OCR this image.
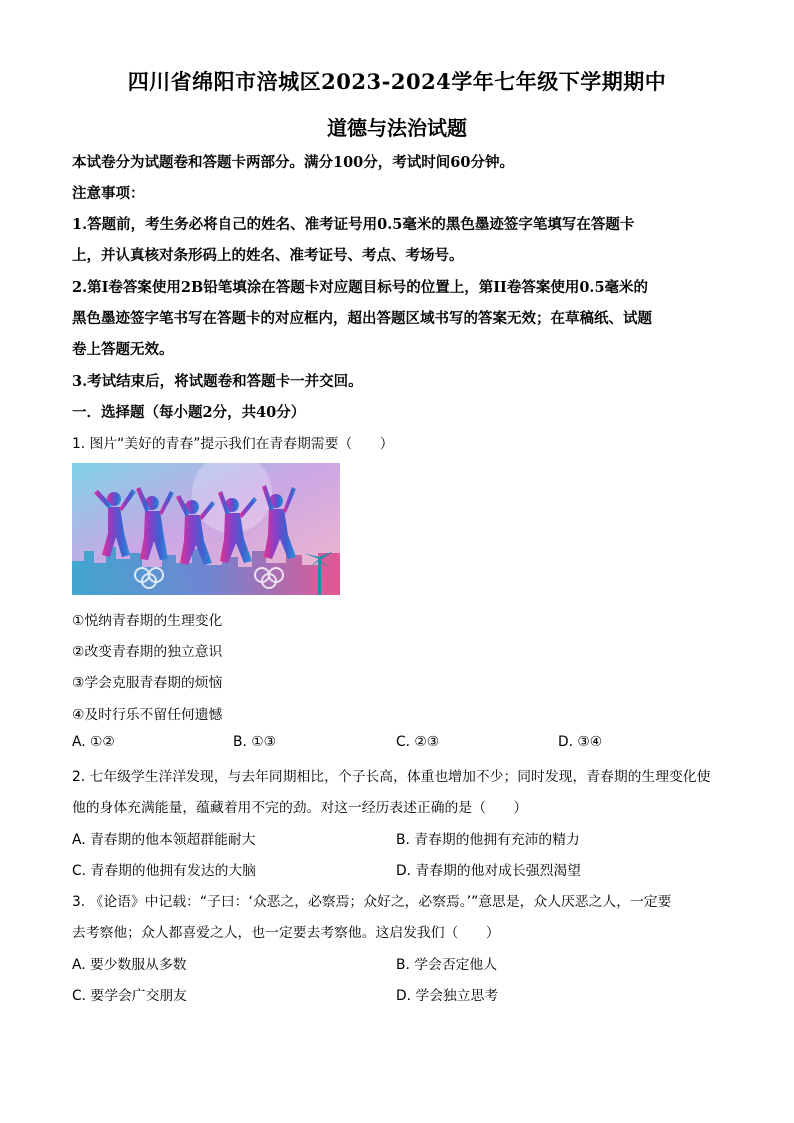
四川省绵阳市涪城区2023-2024学年七年级下学期期中
道德与法治试题
本试卷分为试题卷和答题卡两部分。满分100分，考试时间60分钟。
注意事项：
1.答题前，考生务必将自己的姓名、准考证号用0.5毫米的黑色墨迹签字笔填写在答题卡
上，并认真核对条形码上的姓名、准考证号、考点、考场号。
2.第I卷答案使用2B铅笔填涂在答题卡对应题目标号的位置上，第II卷答案使用0.5毫米的
黑色墨迹签字笔书写在答题卡的对应框内，超出答题区域书写的答案无效；在草稿纸、试题
卷上答题无效。
3.考试结束后，将试题卷和答题卡一并交回。
一．选择题（每小题2分，共40分）
1. 图片“美好的青春”提示我们在青春期需要（　　）
①悦纳青春期的生理变化
②改变青春期的独立意识
③学会克服青春期的烦恼
④及时行乐不留任何遗憾
A. ①②	B. ①③	C. ②③	D. ③④
2. 七年级学生洋洋发现，与去年同期相比，个子长高，体重也增加不少；同时发现，青春期的生理变化使
他的身体充满能量，蕴藏着用不完的劲。对这一经历表述正确的是（　　）
A. 青春期的他本领超群能耐大	B. 青春期的他拥有充沛的精力
C. 青春期的他拥有发达的大脑	D. 青春期的他对成长强烈渴望
3. 《论语》中记载：“子曰：‘众恶之，必察焉；众好之，必察焉。’”意思是，众人厌恶之人，一定要
去考察他；众人都喜爱之人，也一定要去考察他。这启发我们（　　）
A. 要少数服从多数	B. 学会否定他人
C. 要学会广交朋友	D. 学会独立思考
